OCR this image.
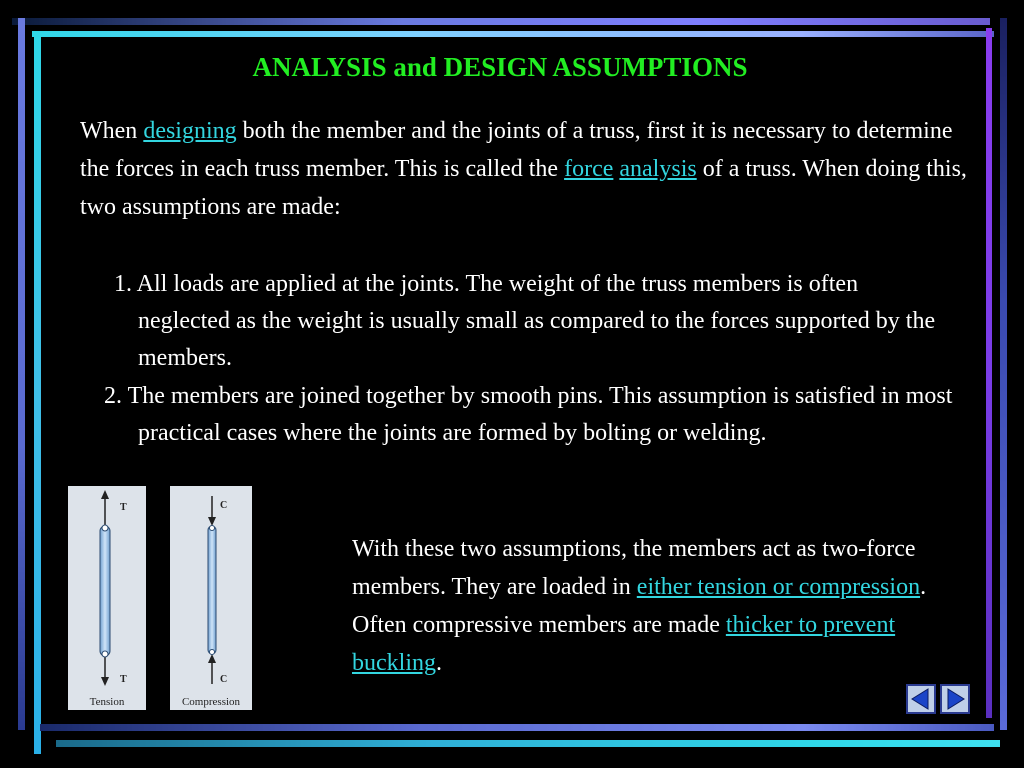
ANALYSIS and DESIGN ASSUMPTIONS
When designing both the member and the joints of a truss, first it is necessary to determine the forces in each truss member. This is called the force analysis of a truss. When doing this, two assumptions are made:
1. All loads are applied at the joints. The weight of the truss members is often neglected as the weight is usually small as compared to the forces supported by the members.
2. The members are joined together by smooth pins. This assumption is satisfied in most practical cases where the joints are formed by bolting or welding.
T
T
Tension
C
C
Compression
With these two assumptions, the members act as two-force members. They are loaded in either tension or compression. Often compressive members are made thicker to prevent buckling.
